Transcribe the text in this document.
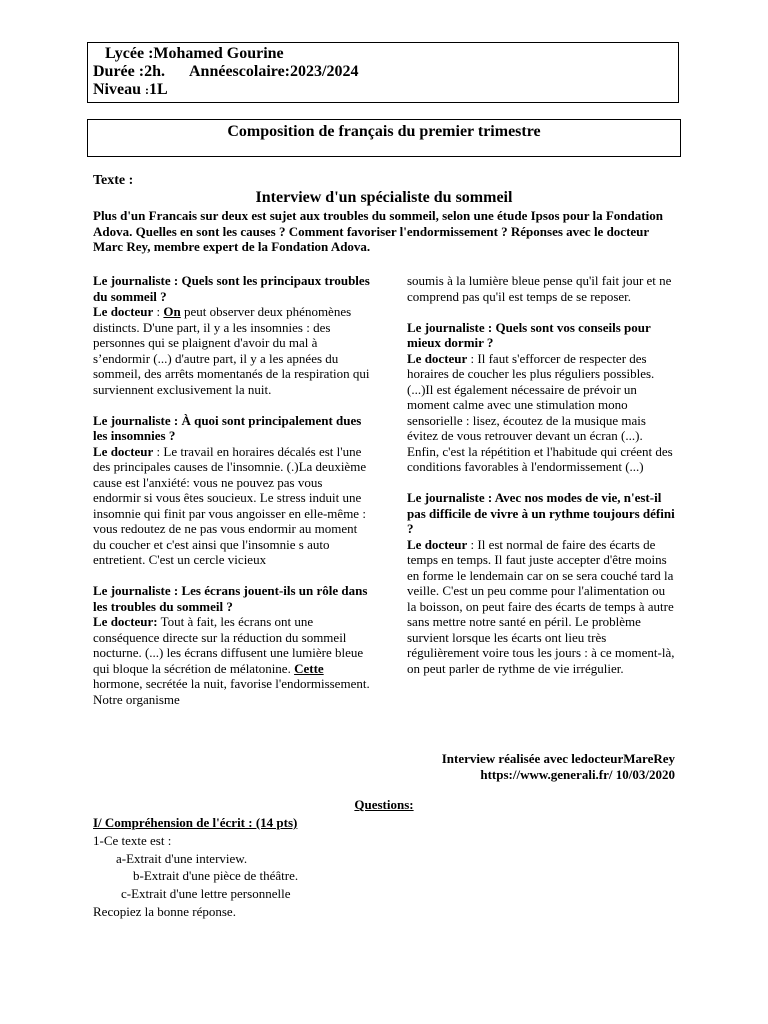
Lycée :Mohamed Gourine
Durée :2h. Annéescolaire:2023/2024
Niveau :1L
Composition de français du premier trimestre
Texte :
Interview d'un spécialiste du sommeil
Plus d'un Francais sur deux est sujet aux troubles du sommeil, selon une étude Ipsos pour la Fondation Adova. Quelles en sont les causes ? Comment favoriser l'endormissement ? Réponses avec le docteur Marc Rey, membre expert de la Fondation Adova.

Le journaliste : Quels sont les principaux troubles du sommeil ?
Le docteur : On peut observer deux phénomènes distincts. D'une part, il y a les insomnies : des personnes qui se plaignent d'avoir du mal à s’endormir (...) d'autre part, il y a les apnées du sommeil, des arrêts momentanés de la respiration qui surviennent exclusivement la nuit.

Le journaliste : À quoi sont principalement dues les insomnies ?
Le docteur : Le travail en horaires décalés est l'une des principales causes de l'insomnie. (.)La deuxième cause est l'anxiété: vous ne pouvez pas vous endormir si vous êtes soucieux. Le stress induit une insomnie qui finit par vous angoisser en elle-même : vous redoutez de ne pas vous endormir au moment du coucher et c'est ainsi que l'insomnie s auto entretient. C'est un cercle vicieux

Le journaliste : Les écrans jouent-ils un rôle dans les troubles du sommeil ?
Le docteur: Tout à fait, les écrans ont une conséquence directe sur la réduction du sommeil nocturne. (...) les écrans diffusent une lumière bleue qui bloque la sécrétion de mélatonine. Cette hormone, secrétée la nuit, favorise l'endormissement. Notre organisme

soumis à la lumière bleue pense qu'il fait jour et ne comprend pas qu'il est temps de se reposer.

Le journaliste : Quels sont vos conseils pour mieux dormir ?
Le docteur : Il faut s'efforcer de respecter des horaires de coucher les plus réguliers possibles.
(...)Il est également nécessaire de prévoir un moment calme avec une stimulation mono sensorielle : lisez, écoutez de la musique mais évitez de vous retrouver devant un écran (...). Enfin, c'est la répétition et l'habitude qui créent des conditions favorables à l'endormissement (...)

Le journaliste : Avec nos modes de vie, n'est-il pas difficile de vivre à un rythme toujours défini ?
Le docteur : Il est normal de faire des écarts de temps en temps. Il faut juste accepter d'être moins en forme le lendemain car on se sera couché tard la veille. C'est un peu comme pour l'alimentation ou la boisson, on peut faire des écarts de temps à autre sans mettre notre santé en péril. Le problème survient lorsque les écarts ont lieu très régulièrement voire tous les jours : à ce moment-là, on peut parler de rythme de vie irrégulier.

Interview réalisée avec ledocteurMareRey
https://www.generali.fr/ 10/03/2020
Questions:
I/ Compréhension de l'écrit : (14 pts)
1-Ce texte est :
a-Extrait d'une interview.
b-Extrait d'une pièce de théâtre.
c-Extrait d'une lettre personnelle
Recopiez la bonne réponse.
